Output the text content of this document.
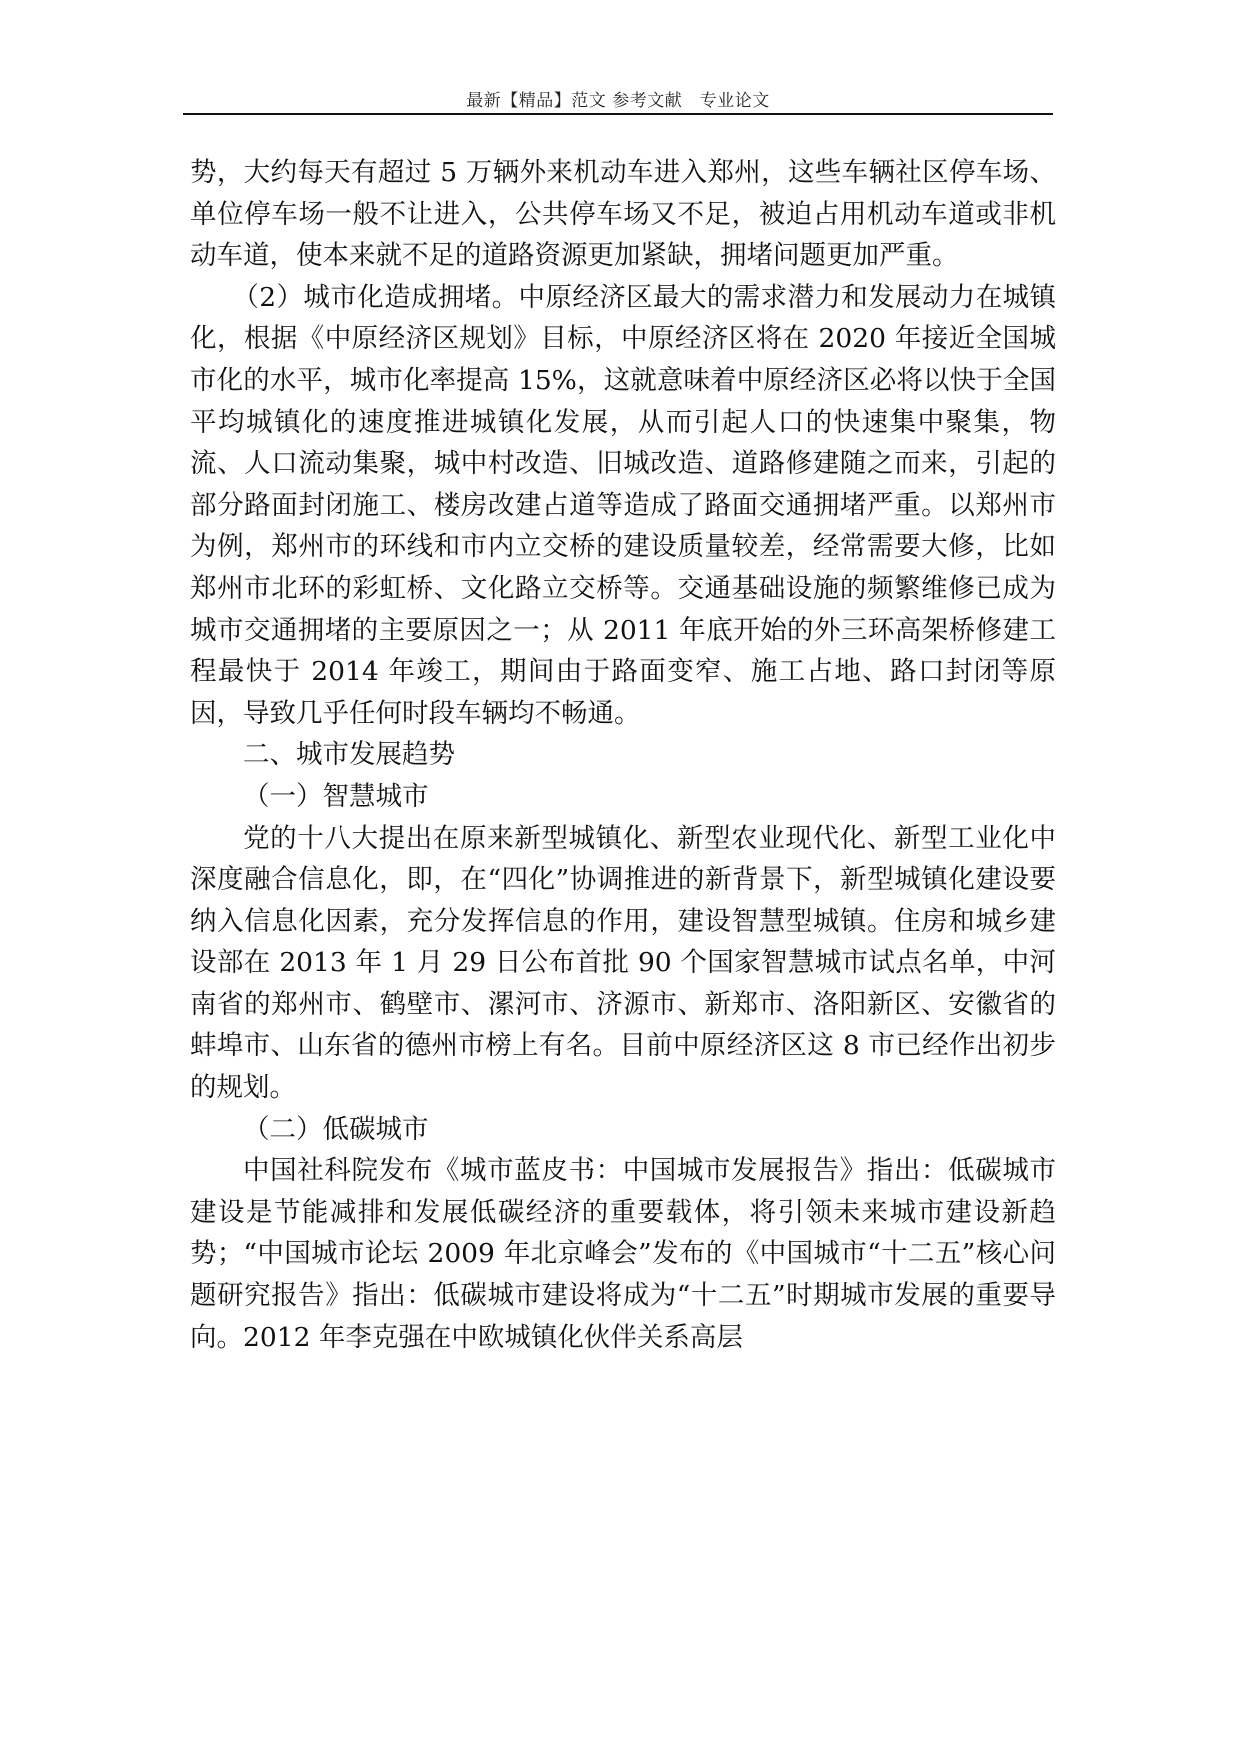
最新【精品】范文 参考文献　专业论文

势，大约每天有超过 5 万辆外来机动车进入郑州，这些车辆社区停车场、单位停车场一般不让进入，公共停车场又不足，被迫占用机动车道或非机动车道，使本来就不足的道路资源更加紧缺，拥堵问题更加严重。

（2）城市化造成拥堵。中原经济区最大的需求潜力和发展动力在城镇化，根据《中原经济区规划》目标，中原经济区将在 2020 年接近全国城市化的水平，城市化率提高 15%，这就意味着中原经济区必将以快于全国平均城镇化的速度推进城镇化发展，从而引起人口的快速集中聚集，物流、人口流动集聚，城中村改造、旧城改造、道路修建随之而来，引起的部分路面封闭施工、楼房改建占道等造成了路面交通拥堵严重。以郑州市为例，郑州市的环线和市内立交桥的建设质量较差，经常需要大修，比如郑州市北环的彩虹桥、文化路立交桥等。交通基础设施的频繁维修已成为城市交通拥堵的主要原因之一；从 2011 年底开始的外三环高架桥修建工程最快于 2014 年竣工，期间由于路面变窄、施工占地、路口封闭等原因，导致几乎任何时段车辆均不畅通。

二、城市发展趋势

（一）智慧城市

党的十八大提出在原来新型城镇化、新型农业现代化、新型工业化中深度融合信息化，即，在“四化”协调推进的新背景下，新型城镇化建设要纳入信息化因素，充分发挥信息的作用，建设智慧型城镇。住房和城乡建设部在 2013 年 1 月 29 日公布首批 90 个国家智慧城市试点名单，中河南省的郑州市、鹤壁市、漯河市、济源市、新郑市、洛阳新区、安徽省的蚌埠市、山东省的德州市榜上有名。目前中原经济区这 8 市已经作出初步的规划。

（二）低碳城市

中国社科院发布《城市蓝皮书：中国城市发展报告》指出：低碳城市建设是节能减排和发展低碳经济的重要载体，将引领未来城市建设新趋势；“中国城市论坛 2009 年北京峰会”发布的《中国城市“十二五”核心问题研究报告》指出：低碳城市建设将成为“十二五”时期城市发展的重要导向。2012 年李克强在中欧城镇化伙伴关系高层
